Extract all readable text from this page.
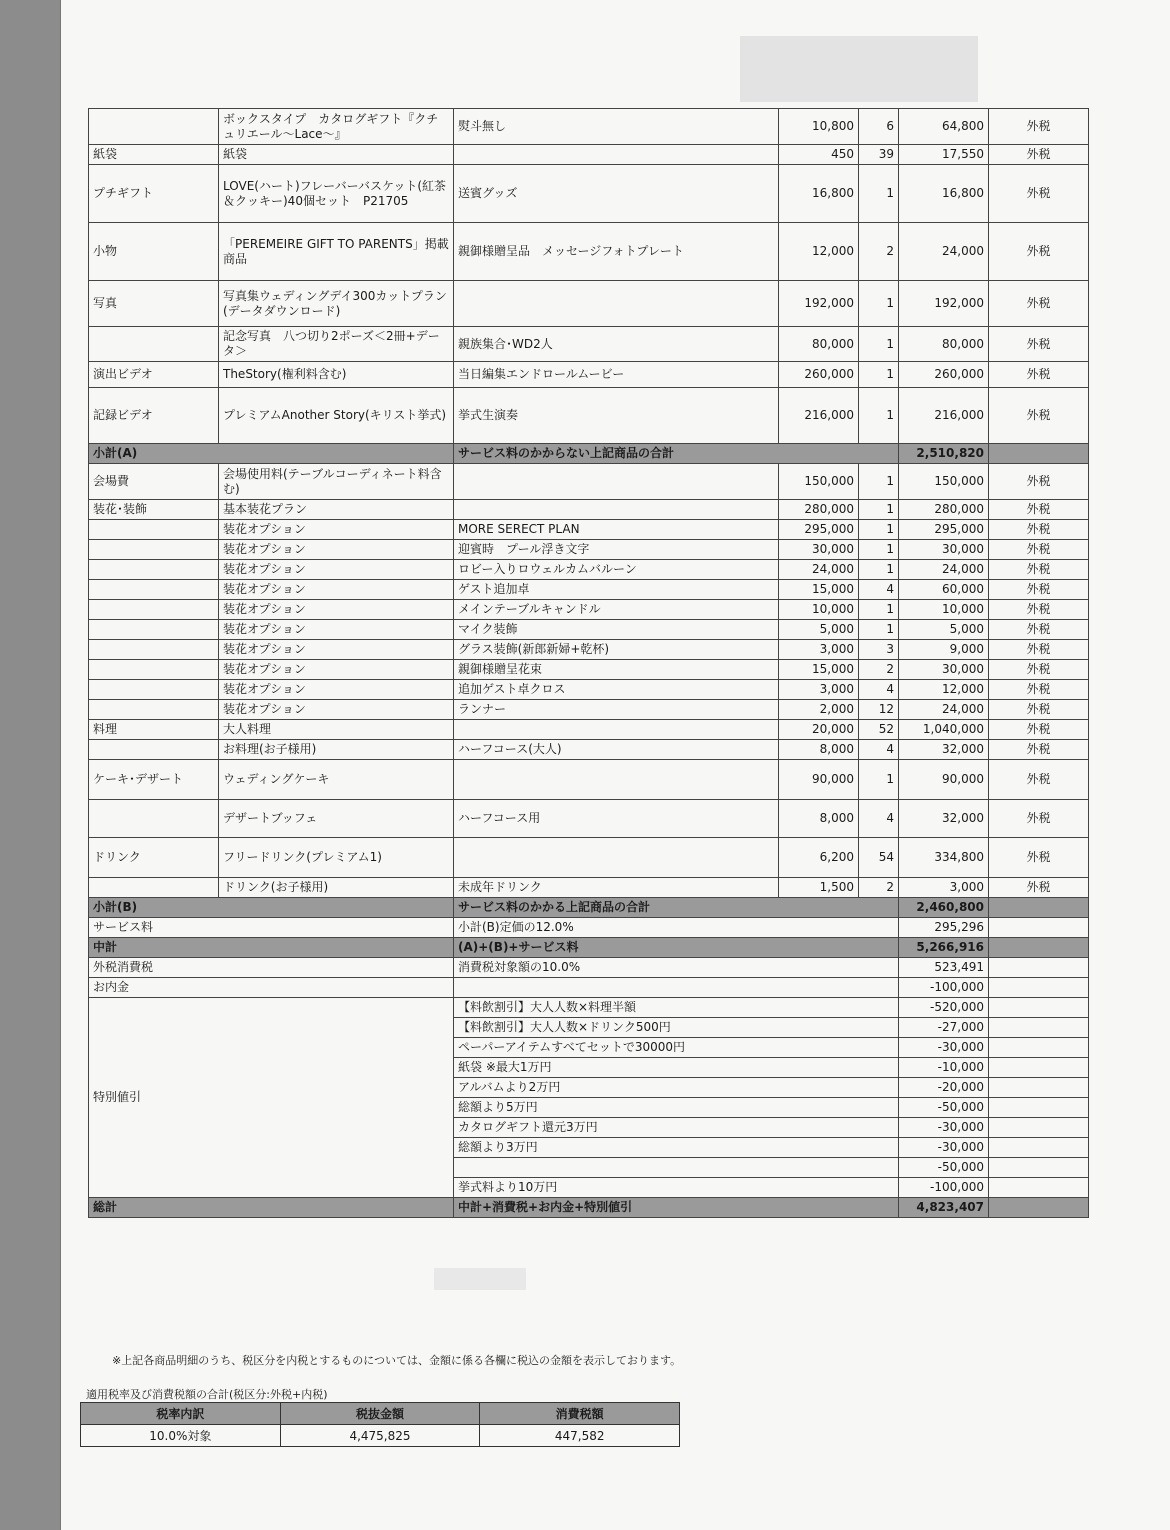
	ボックスタイプ　カタログギフト『クチュリエール〜Lace〜』	熨斗無し	10,800	6	64,800	外税
紙袋	紙袋		450	39	17,550	外税
プチギフト	LOVE(ハート)フレーバーバスケット(紅茶＆クッキー)40個セット　P21705	送賓グッズ	16,800	1	16,800	外税
小物	「PEREMEIRE GIFT TO PARENTS」掲載商品	親御様贈呈品　メッセージフォトプレート	12,000	2	24,000	外税
写真	写真集ウェディングデイ300カットプラン(データダウンロード)		192,000	1	192,000	外税
	記念写真　八つ切り2ポーズ＜2冊+データ＞	親族集合･WD2人	80,000	1	80,000	外税
演出ビデオ	TheStory(権利料含む)	当日編集エンドロールムービー	260,000	1	260,000	外税
記録ビデオ	プレミアムAnother Story(キリスト挙式)	挙式生演奏	216,000	1	216,000	外税
小計(A)		サービス料のかからない上記商品の合計			2,510,820	
会場費	会場使用料(テーブルコーディネート料含む)		150,000	1	150,000	外税
装花･装飾	基本装花プラン		280,000	1	280,000	外税
	装花オプション	MORE SERECT PLAN	295,000	1	295,000	外税
	装花オプション	迎賓時　プール浮き文字	30,000	1	30,000	外税
	装花オプション	ロビー入りロウェルカムバルーン	24,000	1	24,000	外税
	装花オプション	ゲスト追加卓	15,000	4	60,000	外税
	装花オプション	メインテーブルキャンドル	10,000	1	10,000	外税
	装花オプション	マイク装飾	5,000	1	5,000	外税
	装花オプション	グラス装飾(新郎新婦+乾杯)	3,000	3	9,000	外税
	装花オプション	親御様贈呈花束	15,000	2	30,000	外税
	装花オプション	追加ゲスト卓クロス	3,000	4	12,000	外税
	装花オプション	ランナー	2,000	12	24,000	外税
料理	大人料理		20,000	52	1,040,000	外税
	お料理(お子様用)	ハーフコース(大人)	8,000	4	32,000	外税
ケーキ･デザート	ウェディングケーキ		90,000	1	90,000	外税
	デザートブッフェ	ハーフコース用	8,000	4	32,000	外税
ドリンク	フリードリンク(プレミアム1)		6,200	54	334,800	外税
	ドリンク(お子様用)	未成年ドリンク	1,500	2	3,000	外税
小計(B)		サービス料のかかる上記商品の合計			2,460,800	
サービス料		小計(B)定価の12.0%			295,296	
中計		(A)+(B)+サービス料			5,266,916	
外税消費税		消費税対象額の10.0%			523,491	
お内金					-100,000	
特別値引		【料飲割引】大人人数×料理半額			-520,000	
		【料飲割引】大人人数×ドリンク500円			-27,000	
		ペーパーアイテムすべてセットで30000円			-30,000	
		紙袋 ※最大1万円			-10,000	
		アルバムより2万円			-20,000	
		総額より5万円			-50,000	
		カタログギフト還元3万円			-30,000	
		総額より3万円			-30,000	
					-50,000	
		挙式料より10万円			-100,000	
総計		中計+消費税+お内金+特別値引			4,823,407	
※上記各商品明細のうち、税区分を内税とするものについては、金額に係る各欄に税込の金額を表示しております。
適用税率及び消費税額の合計(税区分:外税+内税)
税率内訳	税抜金額	消費税額
10.0%対象	4,475,825	447,582
